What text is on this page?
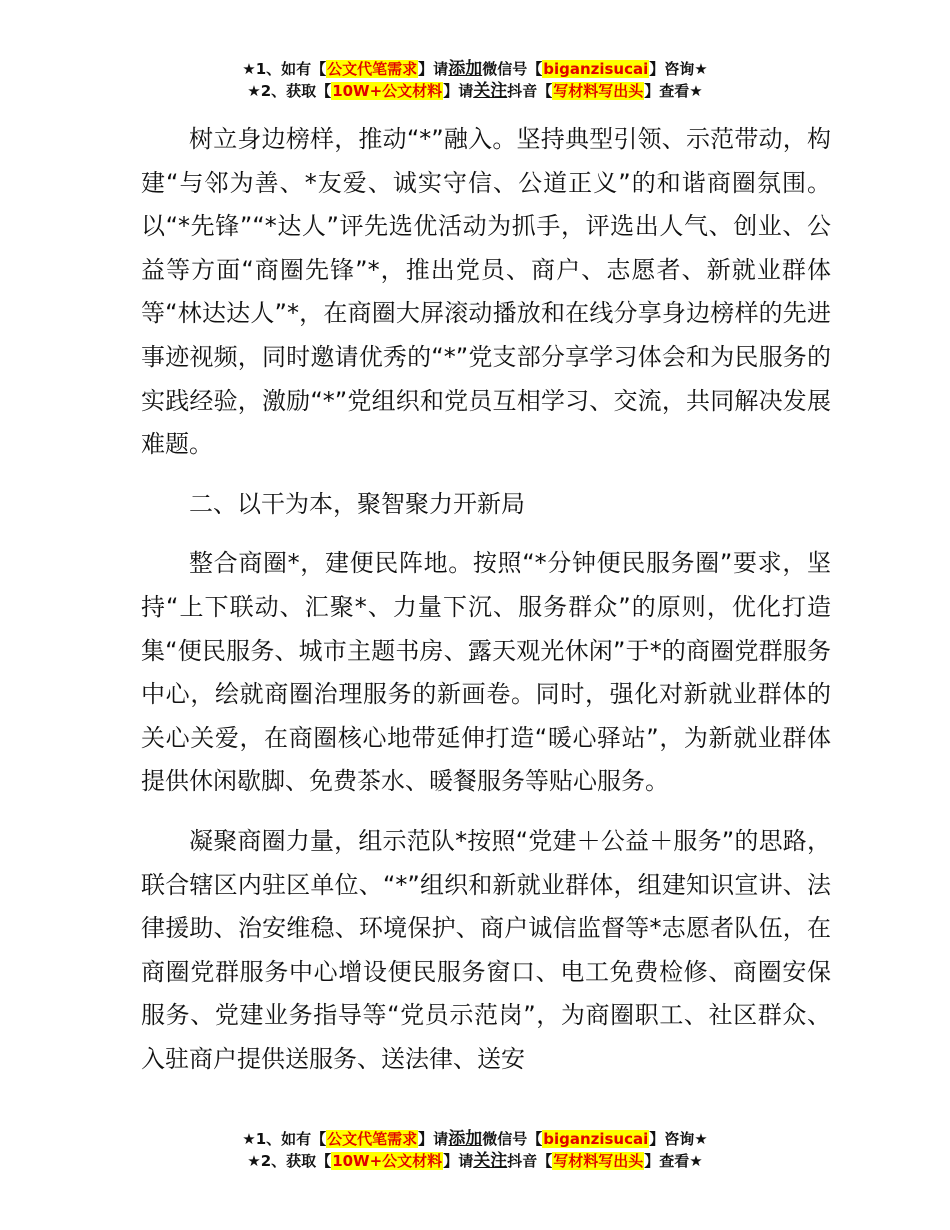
★1、如有【公文代笔需求】请添加微信号【biganzisucai】咨询★
★2、获取【10W+公文材料】请关注抖音【写材料写出头】查看★

树立身边榜样，推动“*”融入。坚持典型引领、示范带动，构建“与邻为善、*友爱、诚实守信、公道正义”的和谐商圈氛围。以“*先锋”“*达人”评先选优活动为抓手，评选出人气、创业、公益等方面“商圈先锋”*，推出党员、商户、志愿者、新就业群体等“林达达人”*，在商圈大屏滚动播放和在线分享身边榜样的先进事迹视频，同时邀请优秀的“*”党支部分享学习体会和为民服务的实践经验，激励“*”党组织和党员互相学习、交流，共同解决发展难题。

二、以干为本，聚智聚力开新局

整合商圈*，建便民阵地。按照“*分钟便民服务圈”要求，坚持“上下联动、汇聚*、力量下沉、服务群众”的原则，优化打造集“便民服务、城市主题书房、露天观光休闲”于*的商圈党群服务中心，绘就商圈治理服务的新画卷。同时，强化对新就业群体的关心关爱，在商圈核心地带延伸打造“暖心驿站”，为新就业群体提供休闲歇脚、免费茶水、暖餐服务等贴心服务。

凝聚商圈力量，组示范队*按照“党建＋公益＋服务”的思路，联合辖区内驻区单位、“*”组织和新就业群体，组建知识宣讲、法律援助、治安维稳、环境保护、商户诚信监督等*志愿者队伍，在商圈党群服务中心增设便民服务窗口、电工免费检修、商圈安保服务、党建业务指导等“党员示范岗”，为商圈职工、社区群众、入驻商户提供送服务、送法律、送安

★1、如有【公文代笔需求】请添加微信号【biganzisucai】咨询★
★2、获取【10W+公文材料】请关注抖音【写材料写出头】查看★
